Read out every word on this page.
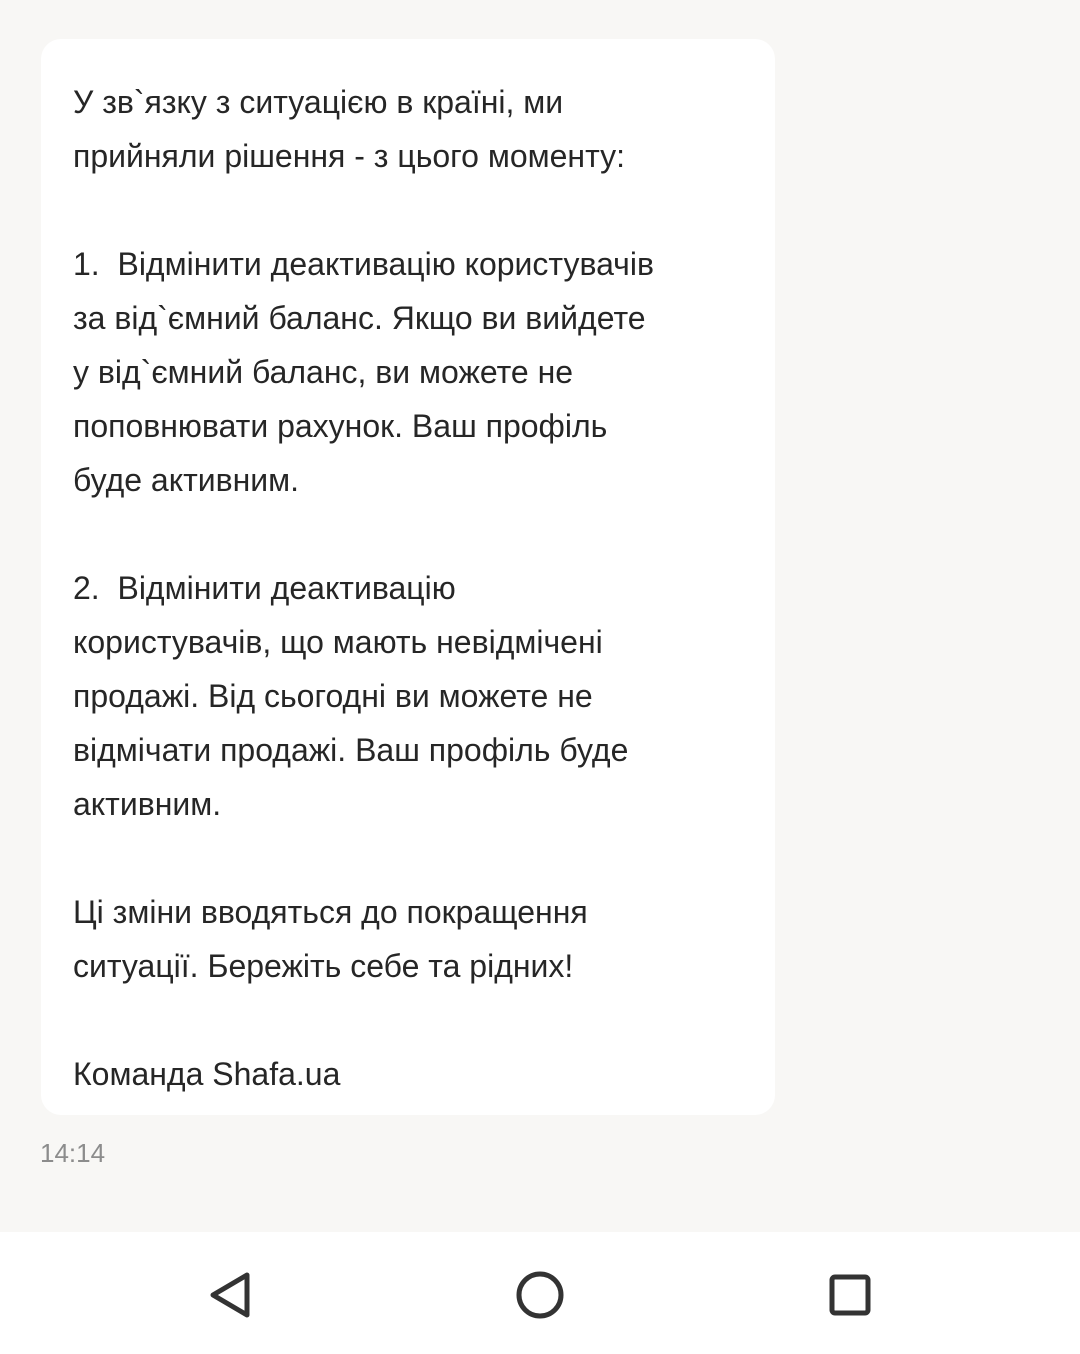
У зв`язку з ситуацією в країні, ми
прийняли рішення - з цього моменту:

1.  Відмінити деактивацію користувачів
за від`ємний баланс. Якщо ви вийдете
у від`ємний баланс, ви можете не
поповнювати рахунок. Ваш профіль
буде активним.

2.  Відмінити деактивацію
користувачів, що мають невідмічені
продажі. Від сьогодні ви можете не
відмічати продажі. Ваш профіль буде
активним.

Ці зміни вводяться до покращення
ситуації. Бережіть себе та рідних!

Команда Shafa.ua

14:14
